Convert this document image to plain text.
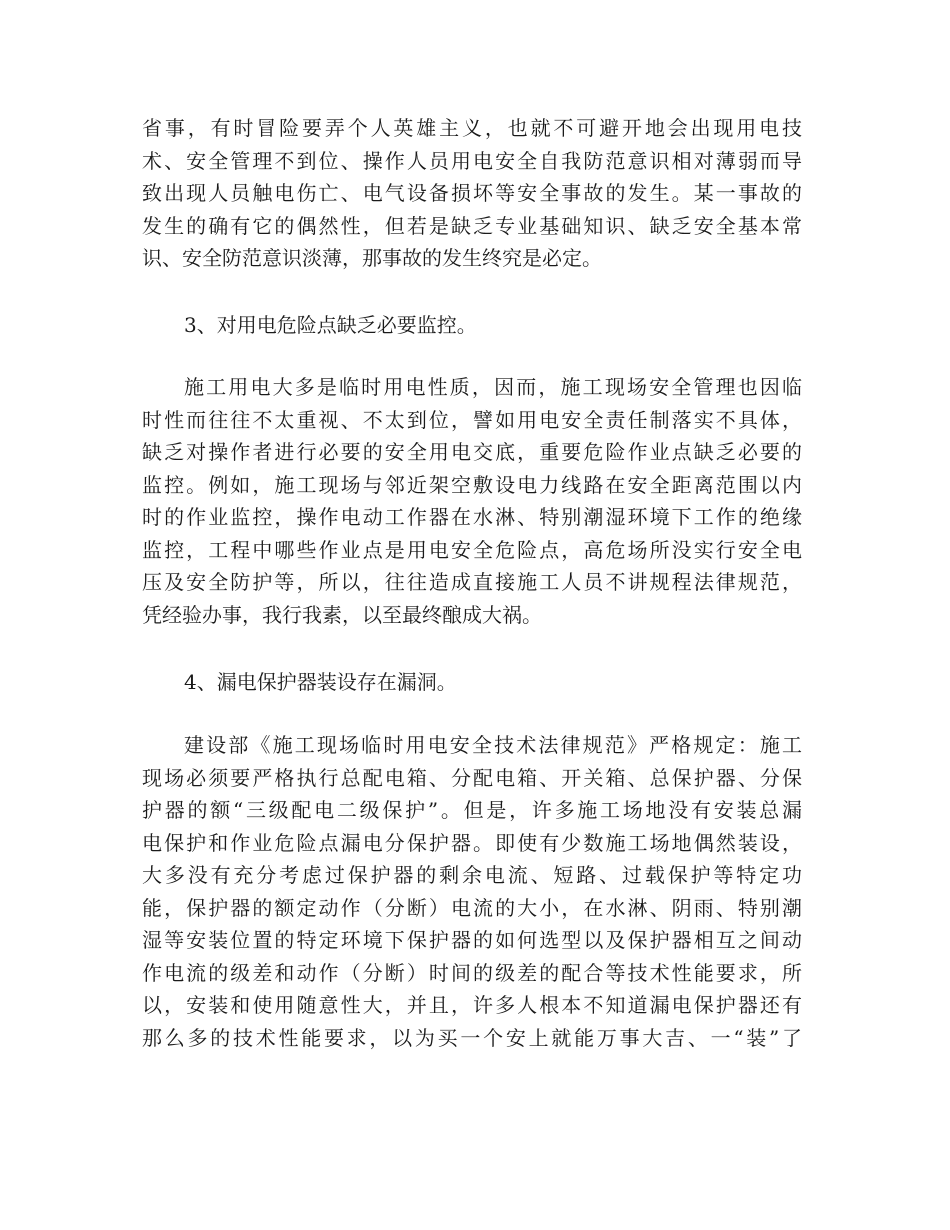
省事，有时冒险要弄个人英雄主义，也就不可避开地会出现用电技
术、安全管理不到位、操作人员用电安全自我防范意识相对薄弱而导
致出现人员触电伤亡、电气设备损坏等安全事故的发生。某一事故的
发生的确有它的偶然性，但若是缺乏专业基础知识、缺乏安全基本常
识、安全防范意识淡薄，那事故的发生终究是必定。
3、对用电危险点缺乏必要监控。
施工用电大多是临时用电性质，因而，施工现场安全管理也因临
时性而往往不太重视、不太到位，譬如用电安全责任制落实不具体，
缺乏对操作者进行必要的安全用电交底，重要危险作业点缺乏必要的
监控。例如，施工现场与邻近架空敷设电力线路在安全距离范围以内
时的作业监控，操作电动工作器在水淋、特别潮湿环境下工作的绝缘
监控，工程中哪些作业点是用电安全危险点，高危场所没实行安全电
压及安全防护等，所以，往往造成直接施工人员不讲规程法律规范，
凭经验办事，我行我素，以至最终酿成大祸。
4、漏电保护器装设存在漏洞。
建设部《施工现场临时用电安全技术法律规范》严格规定：施工
现场必须要严格执行总配电箱、分配电箱、开关箱、总保护器、分保
护器的额“三级配电二级保护”。但是，许多施工场地没有安装总漏
电保护和作业危险点漏电分保护器。即使有少数施工场地偶然装设，
大多没有充分考虑过保护器的剩余电流、短路、过载保护等特定功
能，保护器的额定动作（分断）电流的大小，在水淋、阴雨、特别潮
湿等安装位置的特定环境下保护器的如何选型以及保护器相互之间动
作电流的级差和动作（分断）时间的级差的配合等技术性能要求，所
以，安装和使用随意性大，并且，许多人根本不知道漏电保护器还有
那么多的技术性能要求，以为买一个安上就能万事大吉、一“装”了
